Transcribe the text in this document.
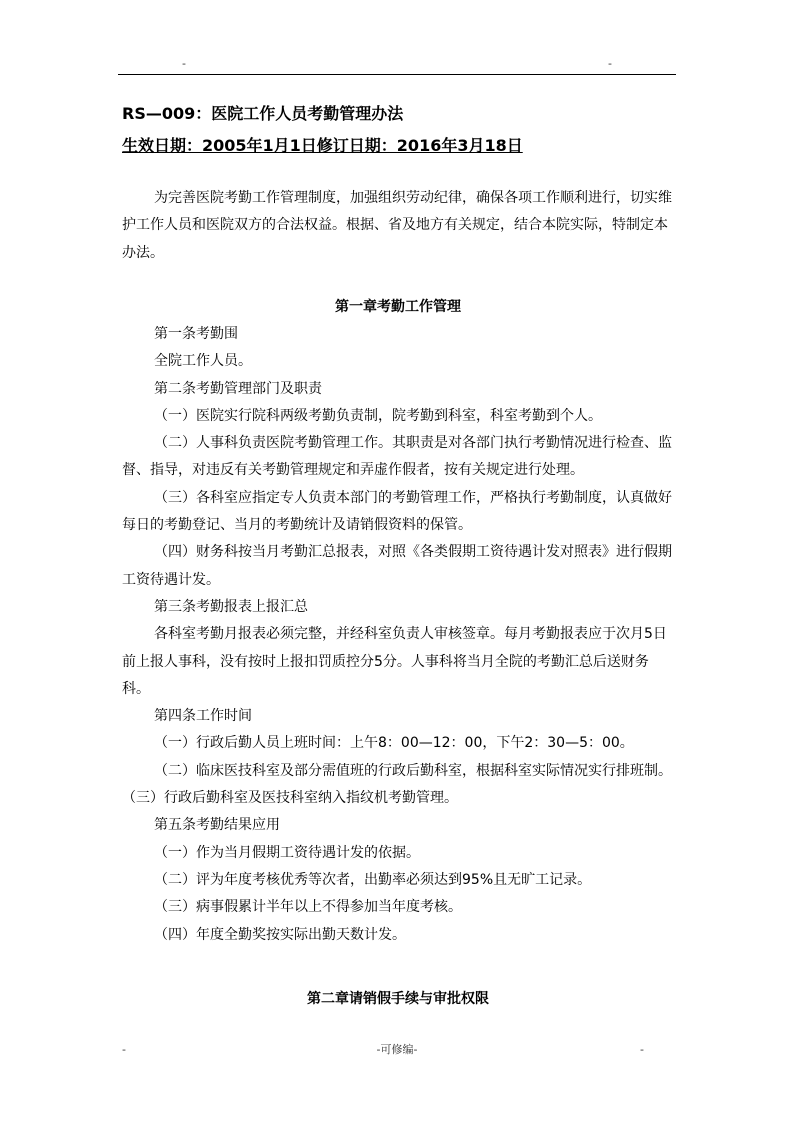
-	-
RS—009：医院工作人员考勤管理办法
生效日期：2005年1月1日修订日期：2016年3月18日

为完善医院考勤工作管理制度，加强组织劳动纪律，确保各项工作顺利进行，切实维护工作人员和医院双方的合法权益。根据、省及地方有关规定，结合本院实际，特制定本办法。

第一章考勤工作管理

第一条考勤围

全院工作人员。

第二条考勤管理部门及职责

（一）医院实行院科两级考勤负责制，院考勤到科室，科室考勤到个人。

（二）人事科负责医院考勤管理工作。其职责是对各部门执行考勤情况进行检查、监督、指导，对违反有关考勤管理规定和弄虚作假者，按有关规定进行处理。

（三）各科室应指定专人负责本部门的考勤管理工作，严格执行考勤制度，认真做好每日的考勤登记、当月的考勤统计及请销假资料的保管。

（四）财务科按当月考勤汇总报表，对照《各类假期工资待遇计发对照表》进行假期工资待遇计发。

第三条考勤报表上报汇总

各科室考勤月报表必须完整，并经科室负责人审核签章。每月考勤报表应于次月5日前上报人事科，没有按时上报扣罚质控分5分。人事科将当月全院的考勤汇总后送财务科。

第四条工作时间

（一）行政后勤人员上班时间：上午8：00—12：00，下午2：30—5：00。

（二）临床医技科室及部分需值班的行政后勤科室，根据科室实际情况实行排班制。（三）行政后勤科室及医技科室纳入指纹机考勤管理。

第五条考勤结果应用

（一）作为当月假期工资待遇计发的依据。

（二）评为年度考核优秀等次者，出勤率必须达到95%且无旷工记录。

（三）病事假累计半年以上不得参加当年度考核。

（四）年度全勤奖按实际出勤天数计发。

第二章请销假手续与审批权限
-	-可修编-	-
